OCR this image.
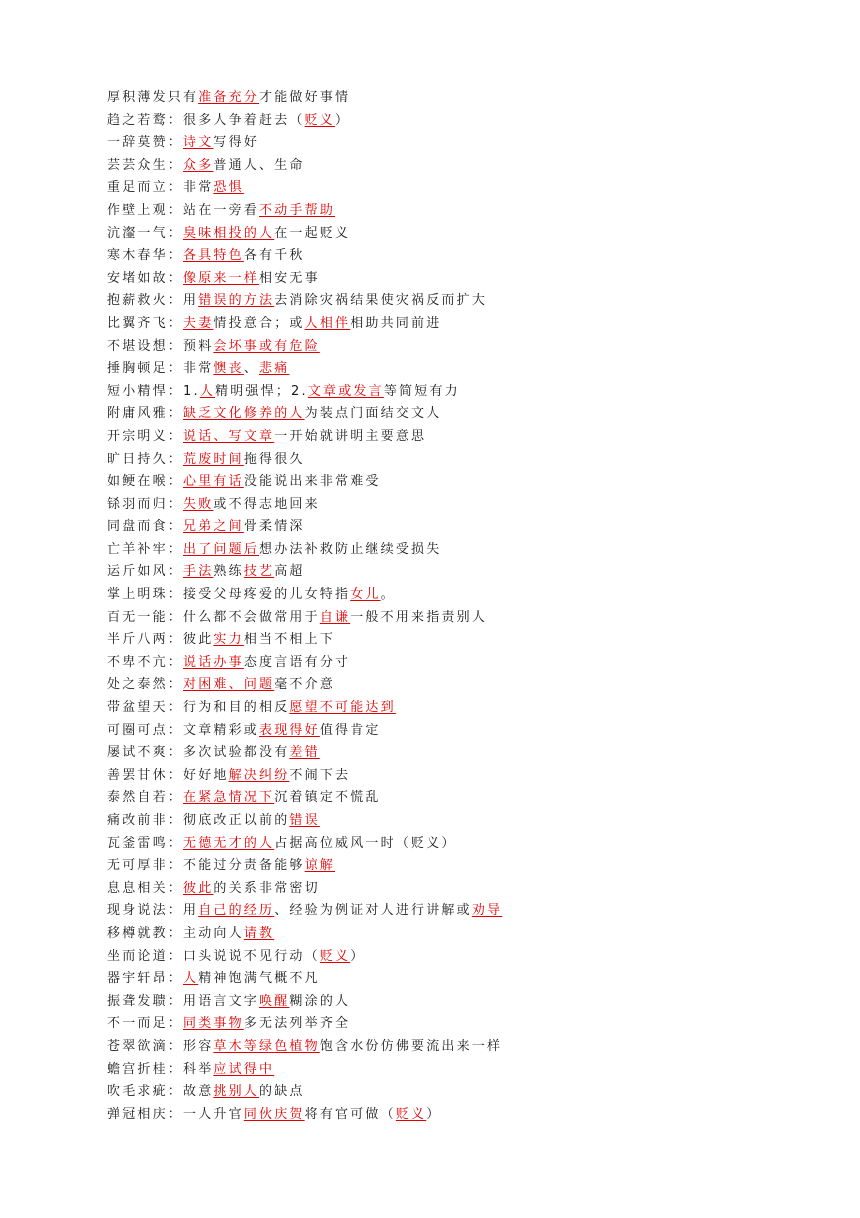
厚积薄发只有准备充分才能做好事情
趋之若鹜：很多人争着赶去（贬义）
一辞莫赞：诗文写得好
芸芸众生：众多普通人、生命
重足而立：非常恐惧
作壁上观：站在一旁看不动手帮助
沆瀣一气：臭味相投的人在一起贬义
寒木春华：各具特色各有千秋
安堵如故：像原来一样相安无事
抱薪救火：用错误的方法去消除灾祸结果使灾祸反而扩大
比翼齐飞：夫妻情投意合；或人相伴相助共同前进
不堪设想：预料会坏事或有危险
捶胸顿足：非常懊丧、悲痛
短小精悍：1.人精明强悍；2.文章或发言等简短有力
附庸风雅：缺乏文化修养的人为装点门面结交文人
开宗明义：说话、写文章一开始就讲明主要意思
旷日持久：荒废时间拖得很久
如鲠在喉：心里有话没能说出来非常难受
铩羽而归：失败或不得志地回来
同盘而食：兄弟之间骨柔情深
亡羊补牢：出了问题后想办法补救防止继续受损失
运斤如风：手法熟练技艺高超
掌上明珠：接受父母疼爱的儿女特指女儿。
百无一能：什么都不会做常用于自谦一般不用来指责别人
半斤八两：彼此实力相当不相上下
不卑不亢：说话办事态度言语有分寸
处之泰然：对困难、问题毫不介意
带盆望天：行为和目的相反愿望不可能达到
可圈可点：文章精彩或表现得好值得肯定
屡试不爽：多次试验都没有差错
善罢甘休：好好地解决纠纷不闹下去
泰然自若：在紧急情况下沉着镇定不慌乱
痛改前非：彻底改正以前的错误
瓦釜雷鸣：无德无才的人占据高位威风一时（贬义）
无可厚非：不能过分责备能够谅解
息息相关：彼此的关系非常密切
现身说法：用自己的经历、经验为例证对人进行讲解或劝导
移樽就教：主动向人请教
坐而论道：口头说说不见行动（贬义）
器宇轩昂：人精神饱满气概不凡
振聋发聩：用语言文字唤醒糊涂的人
不一而足：同类事物多无法列举齐全
苍翠欲滴：形容草木等绿色植物饱含水份仿佛要流出来一样
蟾宫折桂：科举应试得中
吹毛求疵：故意挑别人的缺点
弹冠相庆：一人升官同伙庆贺将有官可做（贬义）
